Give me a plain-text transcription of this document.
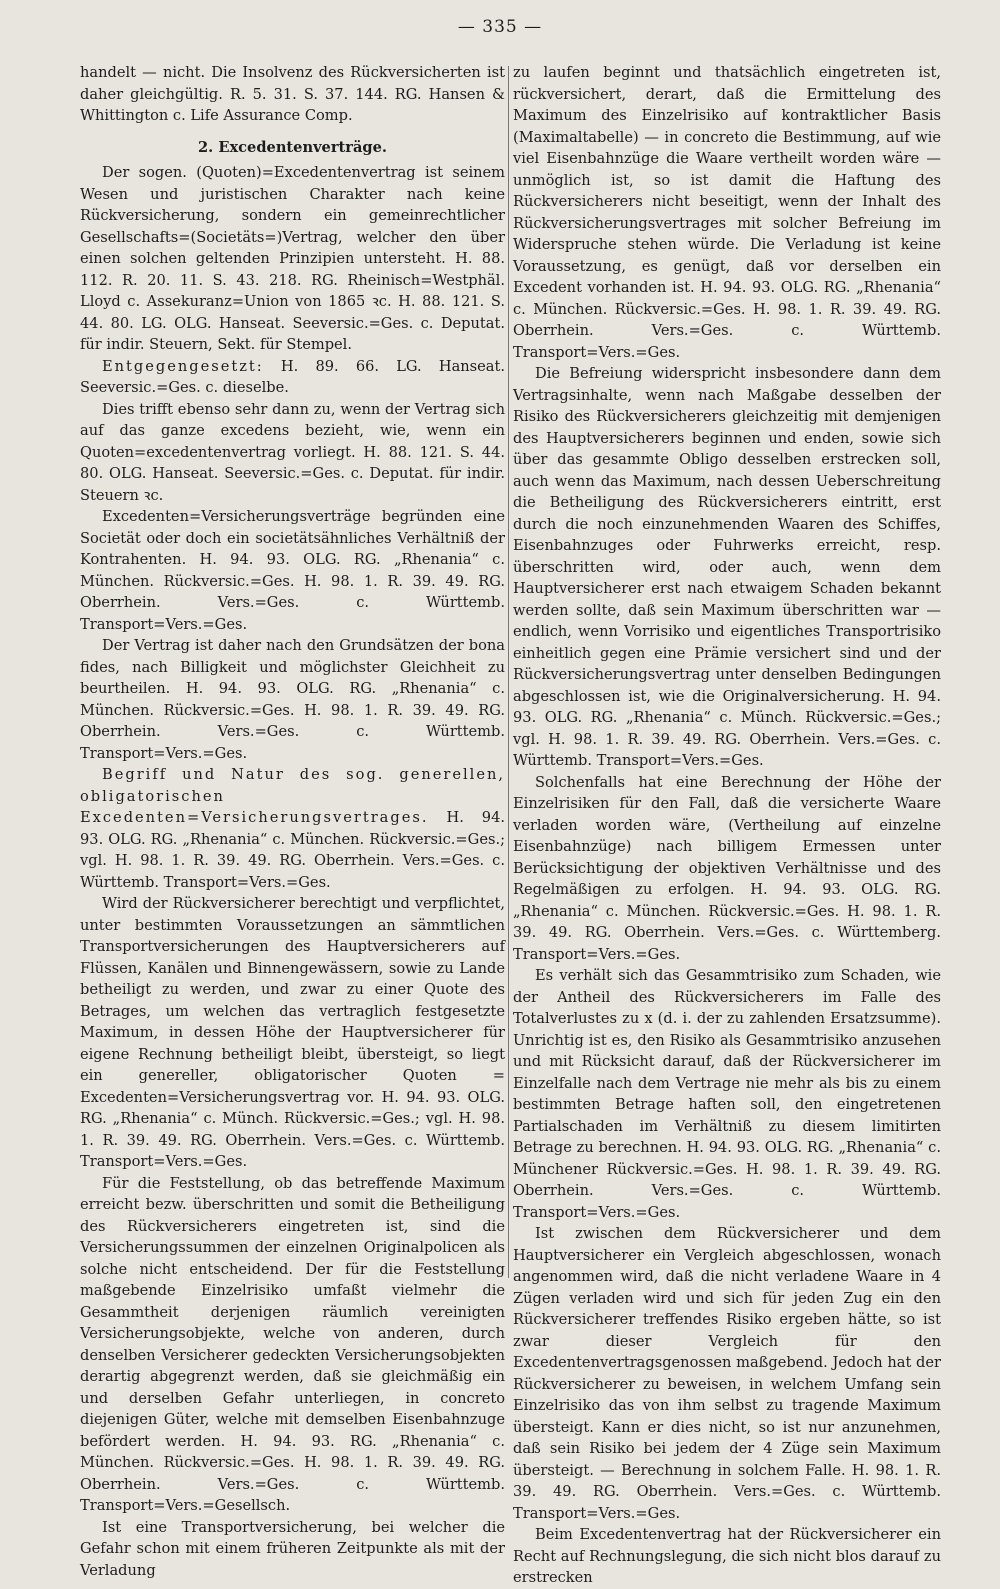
— 335 —

handelt — nicht. Die Insolvenz des Rückversicherten ist daher gleichgültig. R. 5. 31. S. 37. 144. RG. Hansen & Whittington c. Life Assurance Comp.

2. Excedentenverträge.

Der sogen. (Quoten)=Excedentenvertrag ist seinem Wesen und juristischen Charakter nach keine Rückversicherung, sondern ein gemeinrechtlicher Gesellschafts=(Societäts=)Vertrag, welcher den über einen solchen geltenden Prinzipien untersteht. H. 88. 112. R. 20. 11. S. 43. 218. RG. Rheinisch=Westphäl. Lloyd c. Assekuranz=Union von 1865 ꝛc. H. 88. 121. S. 44. 80. LG. OLG. Hanseat. Seeversic.=Ges. c. Deputat. für indir. Steuern, Sekt. für Stempel.

Entgegengesetzt: H. 89. 66. LG. Hanseat. Seeversic.=Ges. c. dieselbe.

Dies trifft ebenso sehr dann zu, wenn der Vertrag sich auf das ganze excedens bezieht, wie, wenn ein Quoten=excedentenvertrag vorliegt. H. 88. 121. S. 44. 80. OLG. Hanseat. Seeversic.=Ges. c. Deputat. für indir. Steuern ꝛc.

Excedenten=Versicherungsverträge begründen eine Societät oder doch ein societätsähnliches Verhältniß der Kontrahenten. H. 94. 93. OLG. RG. „Rhenania“ c. München. Rückversic.=Ges. H. 98. 1. R. 39. 49. RG. Oberrhein. Vers.=Ges. c. Württemb. Transport=Vers.=Ges.

Der Vertrag ist daher nach den Grundsätzen der bona fides, nach Billigkeit und möglichster Gleichheit zu beurtheilen. H. 94. 93. OLG. RG. „Rhenania“ c. München. Rückversic.=Ges. H. 98. 1. R. 39. 49. RG. Oberrhein. Vers.=Ges. c. Württemb. Transport=Vers.=Ges.

Begriff und Natur des sog. generellen, obligatorischen Excedenten=Versicherungsvertrages. H. 94. 93. OLG. RG. „Rhenania“ c. München. Rückversic.=Ges.; vgl. H. 98. 1. R. 39. 49. RG. Oberrhein. Vers.=Ges. c. Württemb. Transport=Vers.=Ges.

Wird der Rückversicherer berechtigt und verpflichtet, unter bestimmten Voraussetzungen an sämmtlichen Transportversicherungen des Hauptversicherers auf Flüssen, Kanälen und Binnengewässern, sowie zu Lande betheiligt zu werden, und zwar zu einer Quote des Betrages, um welchen das vertraglich festgesetzte Maximum, in dessen Höhe der Hauptversicherer für eigene Rechnung betheiligt bleibt, übersteigt, so liegt ein genereller, obligatorischer Quoten = Excedenten=Versicherungsvertrag vor. H. 94. 93. OLG. RG. „Rhenania“ c. Münch. Rückversic.=Ges.; vgl. H. 98. 1. R. 39. 49. RG. Oberrhein. Vers.=Ges. c. Württemb. Transport=Vers.=Ges.

Für die Feststellung, ob das betreffende Maximum erreicht bezw. überschritten und somit die Betheiligung des Rückversicherers eingetreten ist, sind die Versicherungssummen der einzelnen Originalpolicen als solche nicht entscheidend. Der für die Feststellung maßgebende Einzelrisiko umfaßt vielmehr die Gesammtheit derjenigen räumlich vereinigten Versicherungsobjekte, welche von anderen, durch denselben Versicherer gedeckten Versicherungsobjekten derartig abgegrenzt werden, daß sie gleichmäßig ein und derselben Gefahr unterliegen, in concreto diejenigen Güter, welche mit demselben Eisenbahnzuge befördert werden. H. 94. 93. RG. „Rhenania“ c. München. Rückversic.=Ges. H. 98. 1. R. 39. 49. RG. Oberrhein. Vers.=Ges. c. Württemb. Transport=Vers.=Gesellsch.

Ist eine Transportversicherung, bei welcher die Gefahr schon mit einem früheren Zeitpunkte als mit der Verladung

zu laufen beginnt und thatsächlich eingetreten ist, rückversichert, derart, daß die Ermittelung des Maximum des Einzelrisiko auf kontraktlicher Basis (Maximaltabelle) — in concreto die Bestimmung, auf wie viel Eisenbahnzüge die Waare vertheilt worden wäre — unmöglich ist, so ist damit die Haftung des Rückversicherers nicht beseitigt, wenn der Inhalt des Rückversicherungsvertrages mit solcher Befreiung im Widerspruche stehen würde. Die Verladung ist keine Voraussetzung, es genügt, daß vor derselben ein Excedent vorhanden ist. H. 94. 93. OLG. RG. „Rhenania“ c. München. Rückversic.=Ges. H. 98. 1. R. 39. 49. RG. Oberrhein. Vers.=Ges. c. Württemb. Transport=Vers.=Ges.

Die Befreiung widerspricht insbesondere dann dem Vertragsinhalte, wenn nach Maßgabe desselben der Risiko des Rückversicherers gleichzeitig mit demjenigen des Hauptversicherers beginnen und enden, sowie sich über das gesammte Obligo desselben erstrecken soll, auch wenn das Maximum, nach dessen Ueberschreitung die Betheiligung des Rückversicherers eintritt, erst durch die noch einzunehmenden Waaren des Schiffes, Eisenbahnzuges oder Fuhrwerks erreicht, resp. überschritten wird, oder auch, wenn dem Hauptversicherer erst nach etwaigem Schaden bekannt werden sollte, daß sein Maximum überschritten war — endlich, wenn Vorrisiko und eigentliches Transportrisiko einheitlich gegen eine Prämie versichert sind und der Rückversicherungsvertrag unter denselben Bedingungen abgeschlossen ist, wie die Originalversicherung. H. 94. 93. OLG. RG. „Rhenania“ c. Münch. Rückversic.=Ges.; vgl. H. 98. 1. R. 39. 49. RG. Oberrhein. Vers.=Ges. c. Württemb. Transport=Vers.=Ges.

Solchenfalls hat eine Berechnung der Höhe der Einzelrisiken für den Fall, daß die versicherte Waare verladen worden wäre, (Vertheilung auf einzelne Eisenbahnzüge) nach billigem Ermessen unter Berücksichtigung der objektiven Verhältnisse und des Regelmäßigen zu erfolgen. H. 94. 93. OLG. RG. „Rhenania“ c. München. Rückversic.=Ges. H. 98. 1. R. 39. 49. RG. Oberrhein. Vers.=Ges. c. Württemberg. Transport=Vers.=Ges.

Es verhält sich das Gesammtrisiko zum Schaden, wie der Antheil des Rückversicherers im Falle des Totalverlustes zu x (d. i. der zu zahlenden Ersatzsumme). Unrichtig ist es, den Risiko als Gesammtrisiko anzusehen und mit Rücksicht darauf, daß der Rückversicherer im Einzelfalle nach dem Vertrage nie mehr als bis zu einem bestimmten Betrage haften soll, den eingetretenen Partialschaden im Verhältniß zu diesem limitirten Betrage zu berechnen. H. 94. 93. OLG. RG. „Rhenania“ c. Münchener Rückversic.=Ges. H. 98. 1. R. 39. 49. RG. Oberrhein. Vers.=Ges. c. Württemb. Transport=Vers.=Ges.

Ist zwischen dem Rückversicherer und dem Hauptversicherer ein Vergleich abgeschlossen, wonach angenommen wird, daß die nicht verladene Waare in 4 Zügen verladen wird und sich für jeden Zug ein den Rückversicherer treffendes Risiko ergeben hätte, so ist zwar dieser Vergleich für den Excedentenvertragsgenossen maßgebend. Jedoch hat der Rückversicherer zu beweisen, in welchem Umfang sein Einzelrisiko das von ihm selbst zu tragende Maximum übersteigt. Kann er dies nicht, so ist nur anzunehmen, daß sein Risiko bei jedem der 4 Züge sein Maximum übersteigt. — Berechnung in solchem Falle. H. 98. 1. R. 39. 49. RG. Oberrhein. Vers.=Ges. c. Württemb. Transport=Vers.=Ges.

Beim Excedentenvertrag hat der Rückversicherer ein Recht auf Rechnungslegung, die sich nicht blos darauf zu erstrecken
